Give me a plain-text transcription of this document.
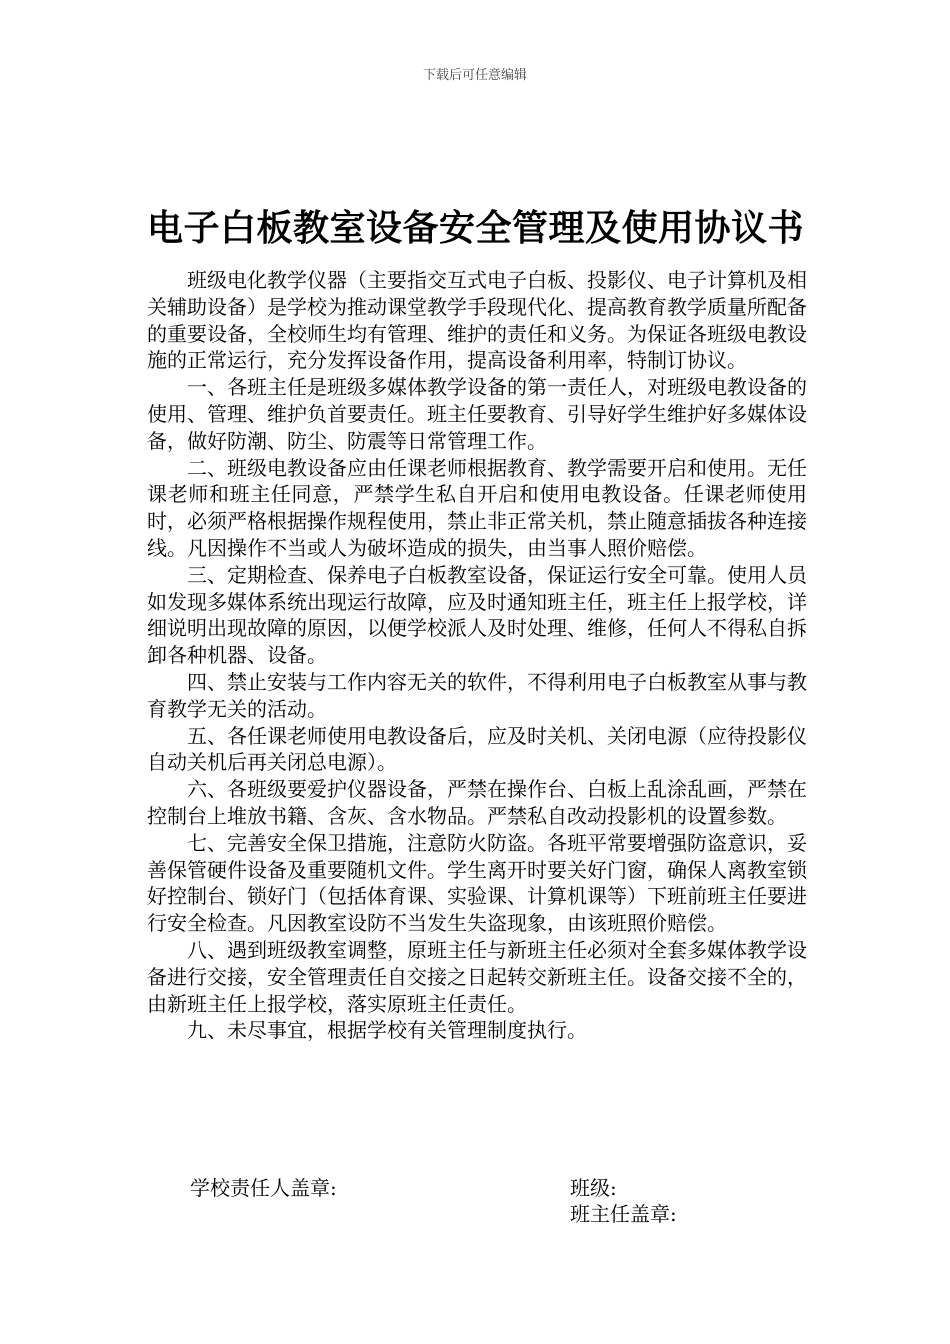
下载后可任意编辑
电子白板教室设备安全管理及使用协议书

班级电化教学仪器（主要指交互式电子白板、投影仪、电子计算机及相关辅助设备）是学校为推动课堂教学手段现代化、提高教育教学质量所配备的重要设备，全校师生均有管理、维护的责任和义务。为保证各班级电教设施的正常运行，充分发挥设备作用，提高设备利用率，特制订协议。

一、各班主任是班级多媒体教学设备的第一责任人，对班级电教设备的使用、管理、维护负首要责任。班主任要教育、引导好学生维护好多媒体设备，做好防潮、防尘、防震等日常管理工作。

二、班级电教设备应由任课老师根据教育、教学需要开启和使用。无任课老师和班主任同意，严禁学生私自开启和使用电教设备。任课老师使用时，必须严格根据操作规程使用，禁止非正常关机，禁止随意插拔各种连接线。凡因操作不当或人为破坏造成的损失，由当事人照价赔偿。

三、定期检查、保养电子白板教室设备，保证运行安全可靠。使用人员如发现多媒体系统出现运行故障，应及时通知班主任，班主任上报学校，详细说明出现故障的原因，以便学校派人及时处理、维修，任何人不得私自拆卸各种机器、设备。

四、禁止安装与工作内容无关的软件，不得利用电子白板教室从事与教育教学无关的活动。

五、各任课老师使用电教设备后，应及时关机、关闭电源（应待投影仪自动关机后再关闭总电源）。

六、各班级要爱护仪器设备，严禁在操作台、白板上乱涂乱画，严禁在控制台上堆放书籍、含灰、含水物品。严禁私自改动投影机的设置参数。

七、完善安全保卫措施，注意防火防盗。各班平常要增强防盗意识，妥善保管硬件设备及重要随机文件。学生离开时要关好门窗，确保人离教室锁好控制台、锁好门（包括体育课、实验课、计算机课等）下班前班主任要进行安全检查。凡因教室设防不当发生失盗现象，由该班照价赔偿。

八、遇到班级教室调整，原班主任与新班主任必须对全套多媒体教学设备进行交接，安全管理责任自交接之日起转交新班主任。设备交接不全的，由新班主任上报学校，落实原班主任责任。

九、未尽事宜，根据学校有关管理制度执行。

学校责任人盖章:	班级:
班主任盖章:
